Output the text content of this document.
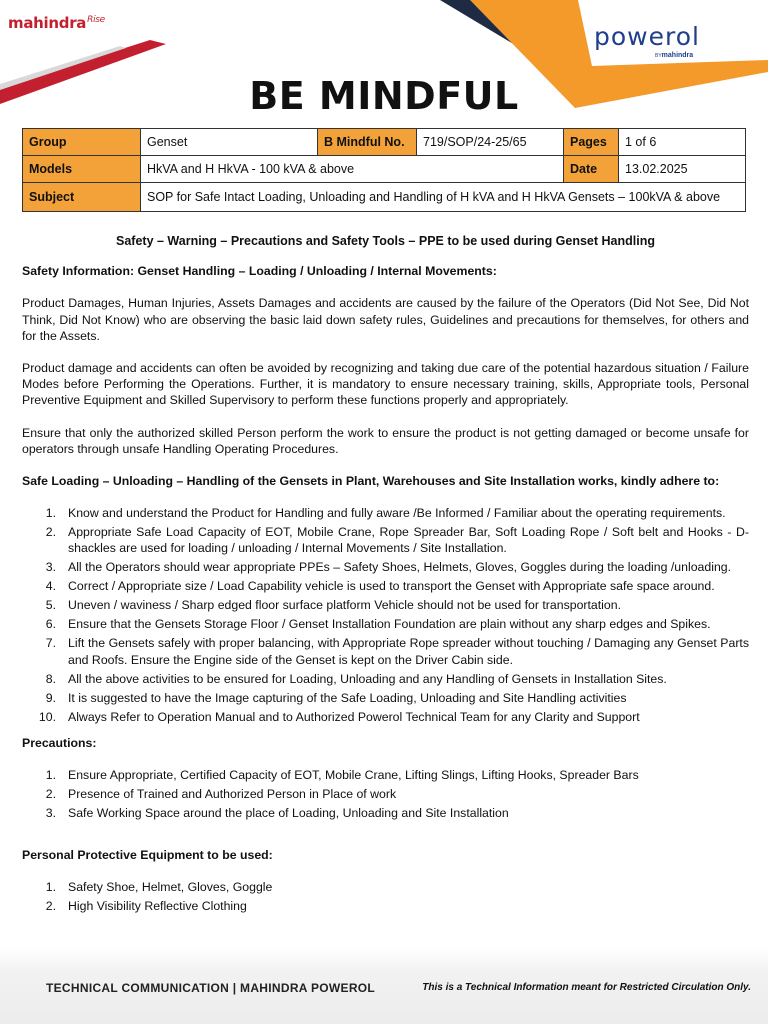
mahindra$^{Rise}$
powerol
BYmahindra
BE MINDFUL
Group	Genset	B Mindful No.	719/SOP/24-25/65	Pages	1 of 6
Models	HkVA and H HkVA - 100 kVA & above			Date	13.02.2025
Subject	SOP for Safe Intact Loading, Unloading and Handling of H kVA and H HkVA Gensets – 100kVA & above				

Safety – Warning – Precautions and Safety Tools – PPE to be used during Genset Handling

Safety Information: Genset Handling – Loading / Unloading / Internal Movements:

Product Damages, Human Injuries, Assets Damages and accidents are caused by the failure of the Operators (Did Not See, Did Not Think, Did Not Know) who are observing the basic laid down safety rules, Guidelines and precautions for themselves, for others and for the Assets.

Product damage and accidents can often be avoided by recognizing and taking due care of the potential hazardous situation / Failure Modes before Performing the Operations. Further, it is mandatory to ensure necessary training, skills, Appropriate tools, Personal Preventive Equipment and Skilled Supervisory to perform these functions properly and appropriately.

Ensure that only the authorized skilled Person perform the work to ensure the product is not getting damaged or become unsafe for operators through unsafe Handling Operating Procedures.

Safe Loading – Unloading – Handling of the Gensets in Plant, Warehouses and Site Installation works, kindly adhere to:

1. Know and understand the Product for Handling and fully aware /Be Informed / Familiar about the operating requirements.
2. Appropriate Safe Load Capacity of EOT, Mobile Crane, Rope Spreader Bar, Soft Loading Rope / Soft belt and Hooks - D-shackles are used for loading / unloading / Internal Movements / Site Installation.
3. All the Operators should wear appropriate PPEs – Safety Shoes, Helmets, Gloves, Goggles during the loading /unloading.
4. Correct / Appropriate size / Load Capability vehicle is used to transport the Genset with Appropriate safe space around.
5. Uneven / waviness / Sharp edged floor surface platform Vehicle should not be used for transportation.
6. Ensure that the Gensets Storage Floor / Genset Installation Foundation are plain without any sharp edges and Spikes.
7. Lift the Gensets safely with proper balancing, with Appropriate Rope spreader without touching / Damaging any Genset Parts and Roofs. Ensure the Engine side of the Genset is kept on the Driver Cabin side.
8. All the above activities to be ensured for Loading, Unloading and any Handling of Gensets in Installation Sites.
9. It is suggested to have the Image capturing of the Safe Loading, Unloading and Site Handling activities
10. Always Refer to Operation Manual and to Authorized Powerol Technical Team for any Clarity and Support

Precautions:

1. Ensure Appropriate, Certified Capacity of EOT, Mobile Crane, Lifting Slings, Lifting Hooks, Spreader Bars
2. Presence of Trained and Authorized Person in Place of work
3. Safe Working Space around the place of Loading, Unloading and Site Installation

Personal Protective Equipment to be used:

1. Safety Shoe, Helmet, Gloves, Goggle
2. High Visibility Reflective Clothing
TECHNICAL COMMUNICATION | MAHINDRA POWEROL	This is a Technical Information meant for Restricted Circulation Only.
